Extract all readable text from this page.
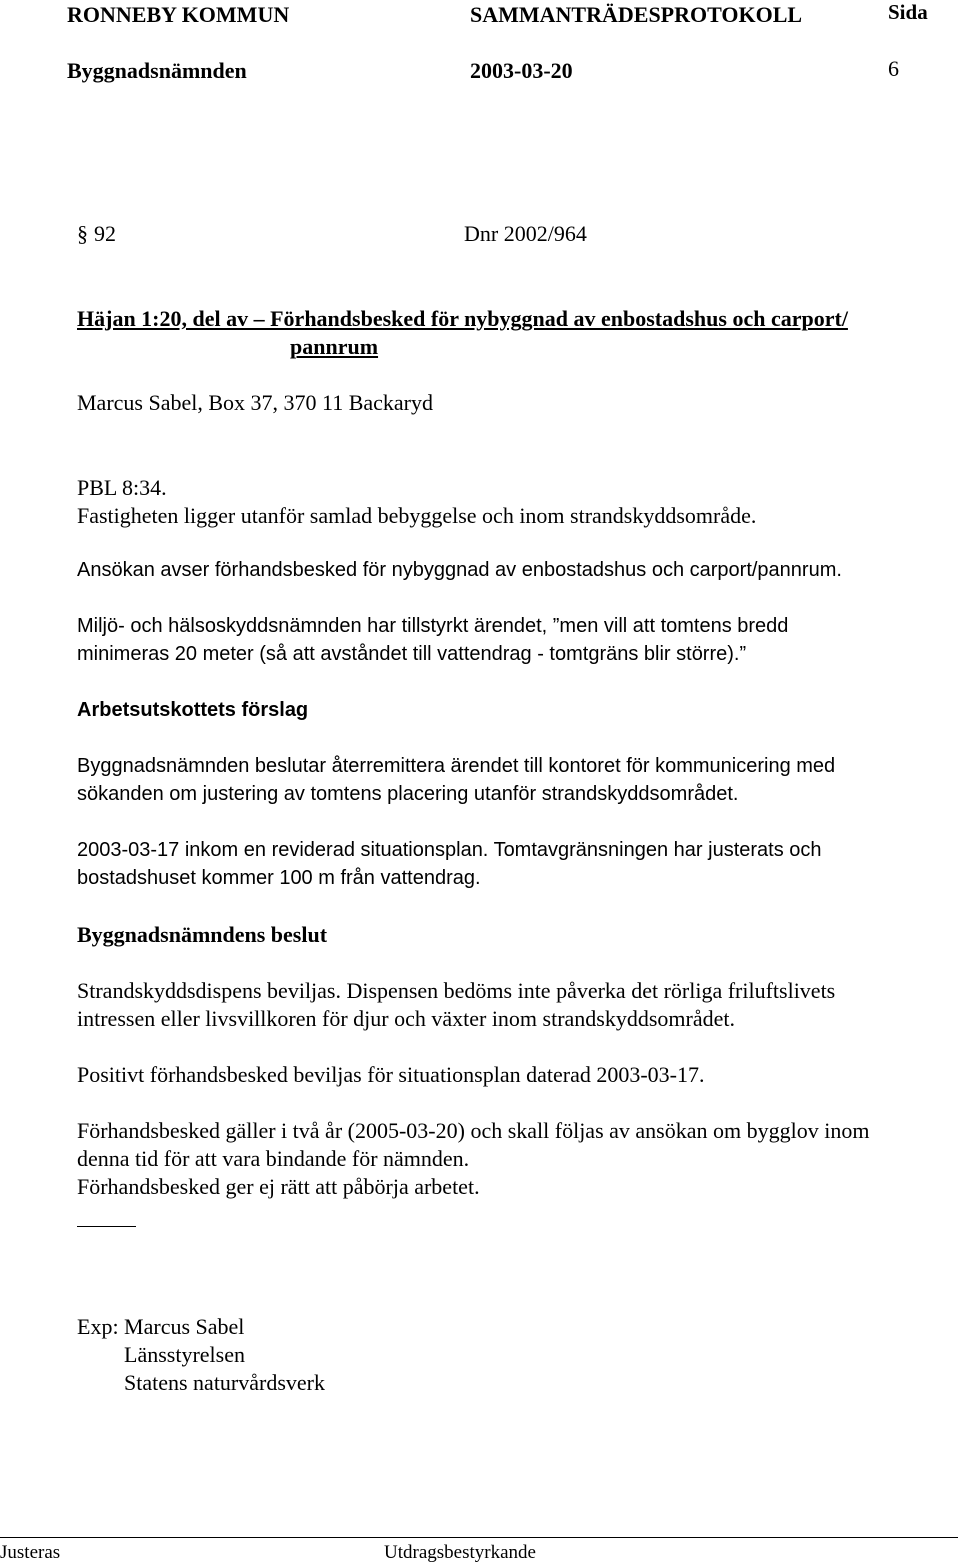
RONNEBY KOMMUN	SAMMANTRÄDESPROTOKOLL	Sida
Byggnadsnämnden	2003-03-20	6
§ 92	Dnr 2002/964
Häjan 1:20, del av – Förhandsbesked för nybyggnad av enbostadshus och carport/
pannrum
Marcus Sabel, Box 37, 370 11 Backaryd
PBL 8:34.
Fastigheten ligger utanför samlad bebyggelse och inom strandskyddsområde.
Ansökan avser förhandsbesked för nybyggnad av enbostadshus och carport/pannrum.
Miljö- och hälsoskyddsnämnden har tillstyrkt ärendet, ”men vill att tomtens bredd
minimeras 20 meter (så att avståndet till vattendrag - tomtgräns blir större).”
Arbetsutskottets förslag
Byggnadsnämnden beslutar återremittera ärendet till kontoret för kommunicering med
sökanden om justering av tomtens placering utanför strandskyddsområdet.
2003-03-17 inkom en reviderad situationsplan. Tomtavgränsningen har justerats och
bostadshuset kommer 100 m från vattendrag.
Byggnadsnämndens beslut
Strandskyddsdispens beviljas. Dispensen bedöms inte påverka det rörliga friluftslivets
intressen eller livsvillkoren för djur och växter inom strandskyddsområdet.
Positivt förhandsbesked beviljas för situationsplan daterad 2003-03-17.
Förhandsbesked gäller i två år (2005-03-20) och skall följas av ansökan om bygglov inom
denna tid för att vara bindande för nämnden.
Förhandsbesked ger ej rätt att påbörja arbetet.
Exp: Marcus Sabel
Länsstyrelsen
Statens naturvårdsverk
Justeras	Utdragsbestyrkande
